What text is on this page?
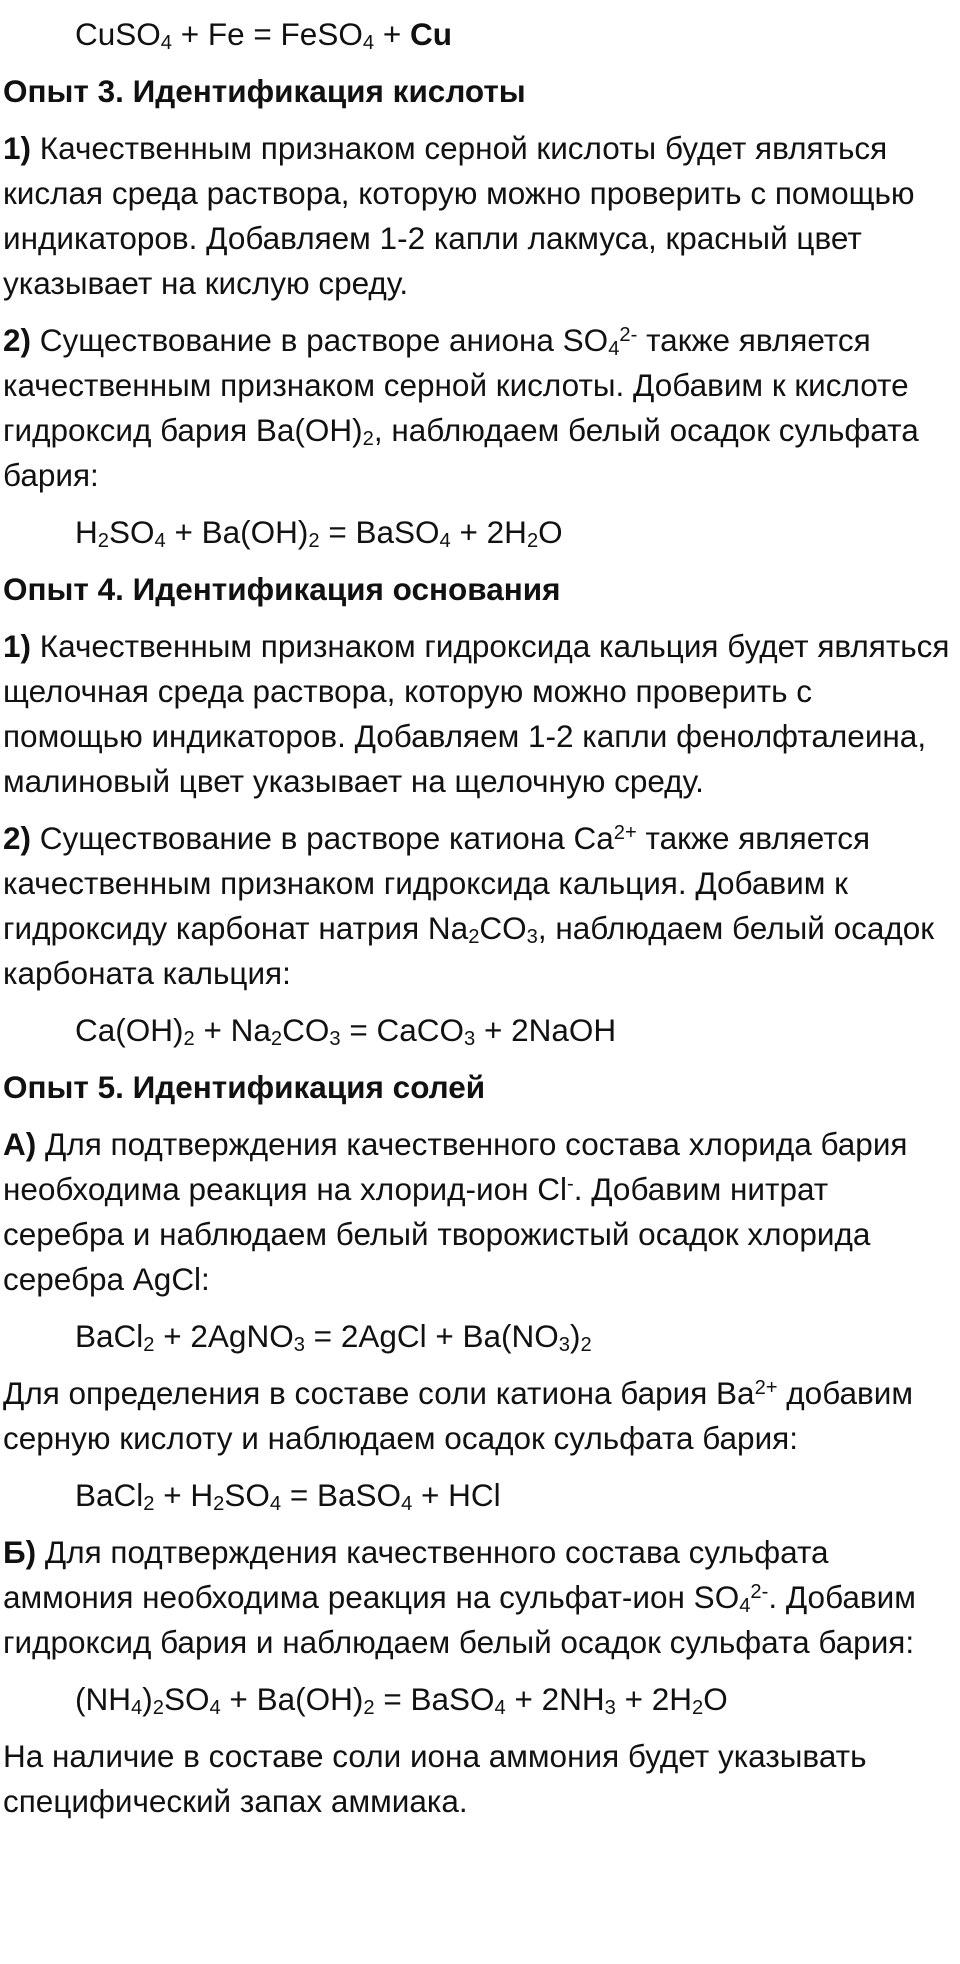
CuSO$_4$ + Fe = FeSO$_4$ + Cu

Опыт 3. Идентификация кислоты

1) Качественным признаком серной кислоты будет являться кислая среда раствора, которую можно проверить с помощью индикаторов. Добавляем 1-2 капли лакмуса, красный цвет указывает на кислую среду.

2) Существование в растворе аниона $SO_4^{2-}$ также является качественным признаком серной кислоты. Добавим к кислоте гидроксид бария $Ba(OH)_2$, наблюдаем белый осадок сульфата бария:

$H_2SO_4 + Ba(OH)_2$ = BaSO$_4$ + $2H_2O$

Опыт 4. Идентификация основания

1) Качественным признаком гидроксида кальция будет являться щелочная среда раствора, которую можно проверить с помощью индикаторов. Добавляем 1-2 капли фенолфталеина, малиновый цвет указывает на щелочную среду.

2) Существование в растворе катиона $Ca^{2+}$ также является качественным признаком гидроксида кальция. Добавим к гидроксиду карбонат натрия $Na_2CO_3$, наблюдаем белый осадок карбоната кальция:

$Ca(OH)_2 + Na_2CO_3$ = CaCO$_3$ + 2NaOH

Опыт 5. Идентификация солей

А) Для подтверждения качественного состава хлорида бария необходима реакция на хлорид-ион Cl-. Добавим нитрат серебра и наблюдаем белый творожистый осадок хлорида серебра AgCl:

BaCl$_2$ + 2AgNO$_3$ = 2AgCl + $Ba(NO_3)_2$

Для определения в составе соли катиона бария $Ba^{2+}$ добавим серную кислоту и наблюдаем осадок сульфата бария:

BaCl$_2$ + $H_2SO_4$ = BaSO$_4$ + HCl

Б) Для подтверждения качественного состава сульфата аммония необходима реакция на сульфат-ион $SO_4^{2-}$. Добавим гидроксид бария и наблюдаем белый осадок сульфата бария:

$(NH_4)_2SO_4 + Ba(OH)_2$ = BaSO$_4$ + $2NH_3 + 2H_2O$

На наличие в составе соли иона аммония будет указывать специфический запах аммиака.
